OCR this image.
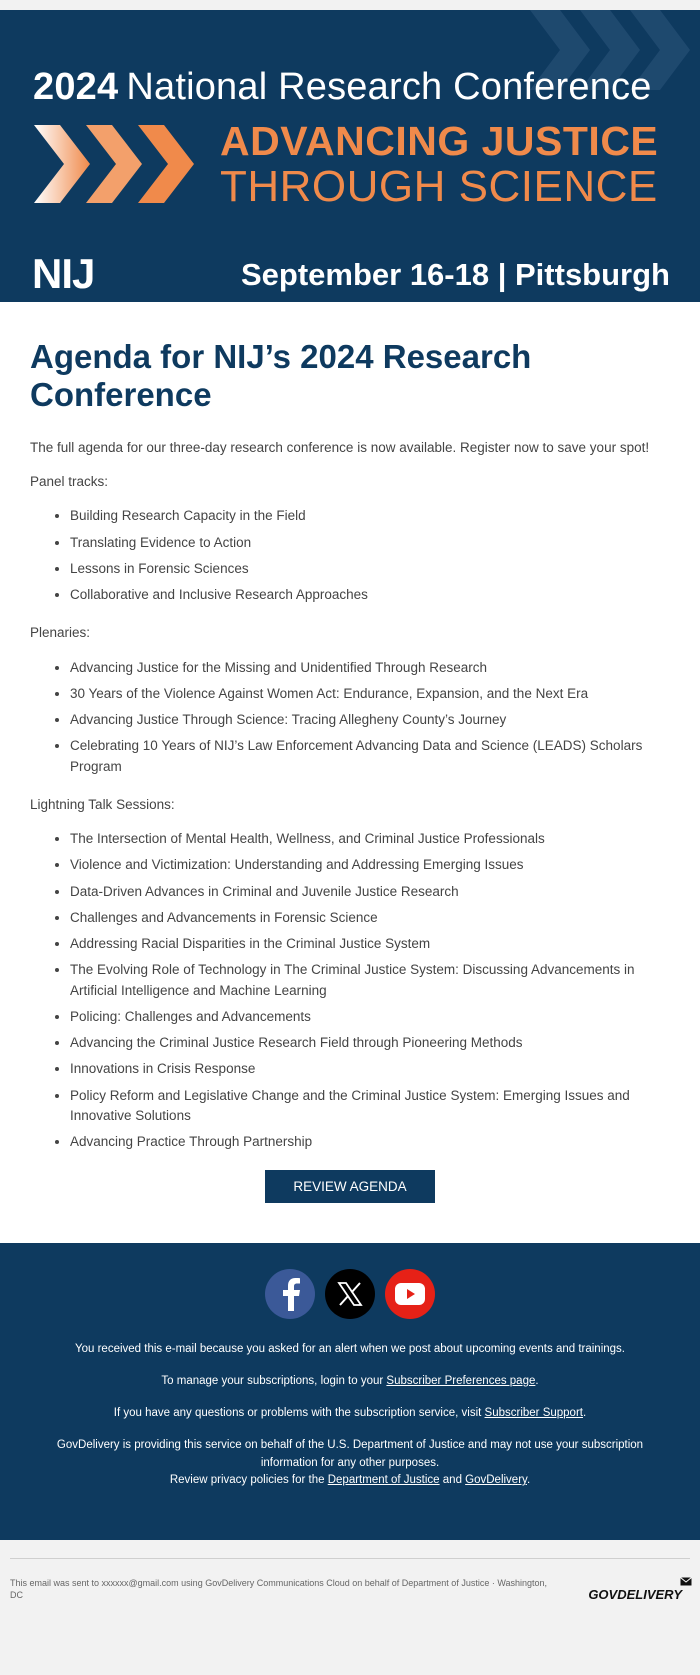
2024 National Research Conference
ADVANCING JUSTICE
THROUGH SCIENCE
NIJ	September 16-18 | Pittsburgh
Agenda for NIJ’s 2024 Research Conference

The full agenda for our three-day research conference is now available. Register now to save your spot!

Panel tracks:

• Building Research Capacity in the Field
• Translating Evidence to Action
• Lessons in Forensic Sciences
• Collaborative and Inclusive Research Approaches

Plenaries:

• Advancing Justice for the Missing and Unidentified Through Research
• 30 Years of the Violence Against Women Act: Endurance, Expansion, and the Next Era
• Advancing Justice Through Science: Tracing Allegheny County’s Journey
• Celebrating 10 Years of NIJ’s Law Enforcement Advancing Data and Science (LEADS) Scholars Program

Lightning Talk Sessions:

• The Intersection of Mental Health, Wellness, and Criminal Justice Professionals
• Violence and Victimization: Understanding and Addressing Emerging Issues
• Data-Driven Advances in Criminal and Juvenile Justice Research
• Challenges and Advancements in Forensic Science
• Addressing Racial Disparities in the Criminal Justice System
• The Evolving Role of Technology in The Criminal Justice System: Discussing Advancements in Artificial Intelligence and Machine Learning
• Policing: Challenges and Advancements
• Advancing the Criminal Justice Research Field through Pioneering Methods
• Innovations in Crisis Response
• Policy Reform and Legislative Change and the Criminal Justice System: Emerging Issues and Innovative Solutions
• Advancing Practice Through Partnership
REVIEW AGENDA

You received this e-mail because you asked for an alert when we post about upcoming events and trainings.

To manage your subscriptions, login to your Subscriber Preferences page.

If you have any questions or problems with the subscription service, visit Subscriber Support.

GovDelivery is providing this service on behalf of the U.S. Department of Justice and may not use your subscription information for any other purposes.

Review privacy policies for the Department of Justice and GovDelivery.

This email was sent to xxxxxx@gmail.com using GovDelivery Communications Cloud on behalf of Department of Justice · Washington, DC	GOVDELIVERY
